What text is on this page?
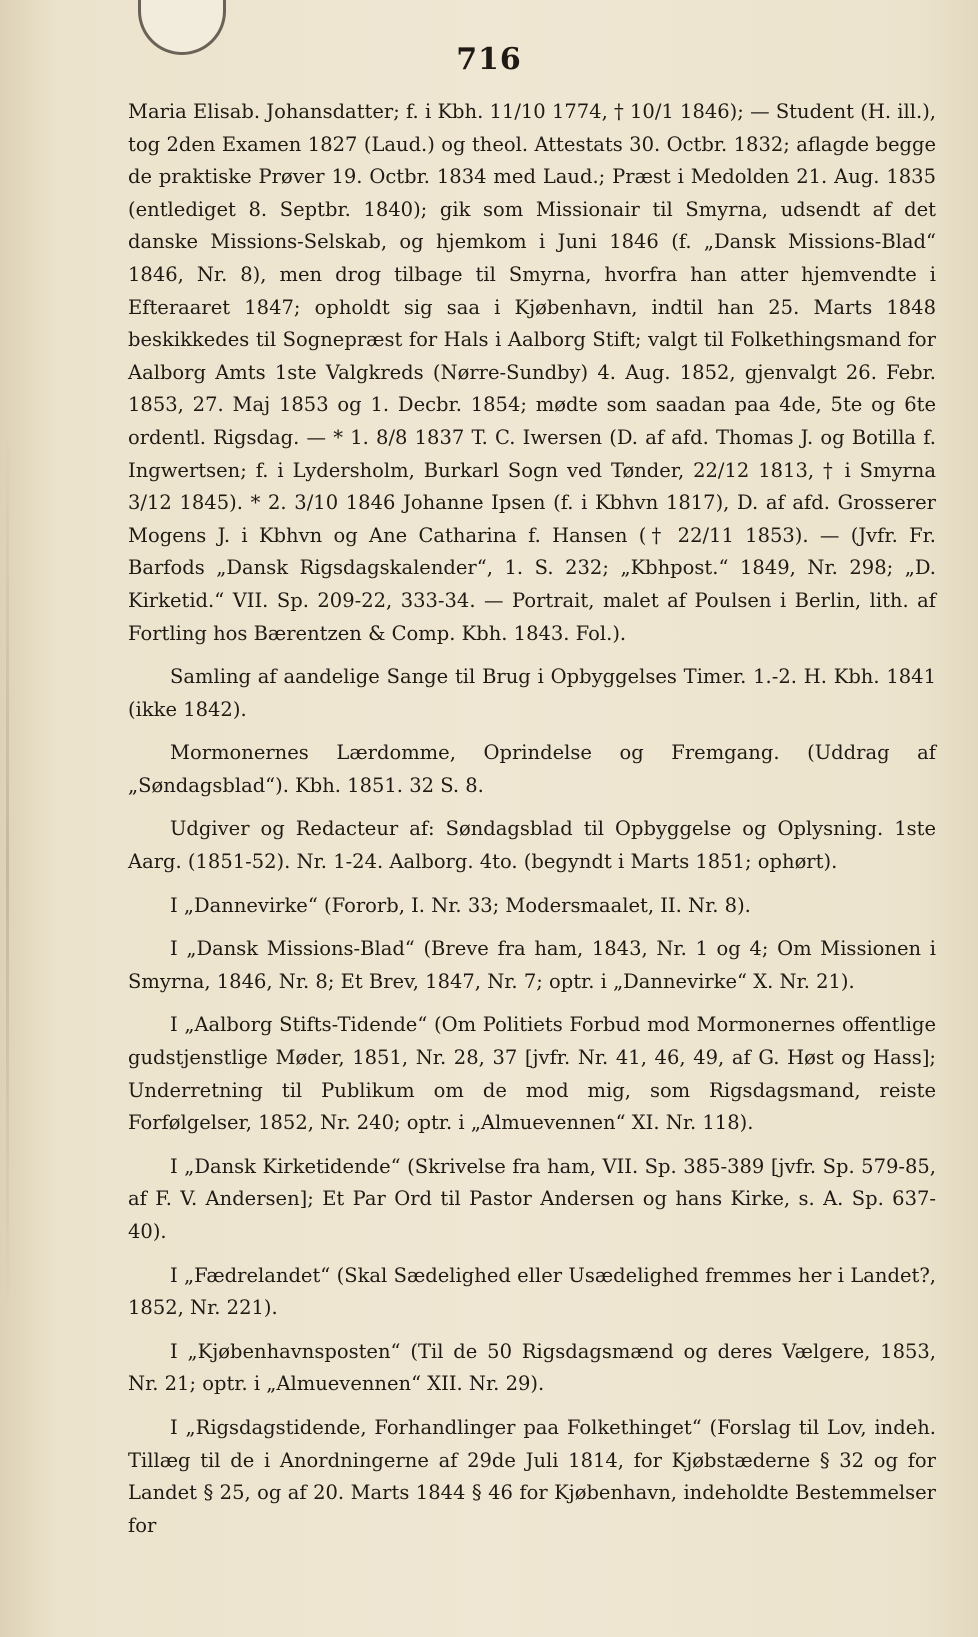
716

Maria Elisab. Johansdatter; f. i Kbh. 11/10 1774, † 10/1 1846); — Student (H. ill.), tog 2den Examen 1827 (Laud.) og theol. Attestats 30. Octbr. 1832; aflagde begge de praktiske Prøver 19. Octbr. 1834 med Laud.; Præst i Medolden 21. Aug. 1835 (entlediget 8. Septbr. 1840); gik som Missionair til Smyrna, udsendt af det danske Missions-Selskab, og hjemkom i Juni 1846 (f. „Dansk Missions-Blad“ 1846, Nr. 8), men drog tilbage til Smyrna, hvorfra han atter hjemvendte i Efteraaret 1847; opholdt sig saa i Kjøbenhavn, indtil han 25. Marts 1848 beskikkedes til Sognepræst for Hals i Aalborg Stift; valgt til Folkethingsmand for Aalborg Amts 1ste Valgkreds (Nørre-Sundby) 4. Aug. 1852, gjenvalgt 26. Febr. 1853, 27. Maj 1853 og 1. Decbr. 1854; mødte som saadan paa 4de, 5te og 6te ordentl. Rigsdag. — * 1. 8/8 1837 T. C. Iwersen (D. af afd. Thomas J. og Botilla f. Ingwertsen; f. i Lydersholm, Burkarl Sogn ved Tønder, 22/12 1813, † i Smyrna 3/12 1845). * 2. 3/10 1846 Johanne Ipsen (f. i Kbhvn 1817), D. af afd. Grosserer Mogens J. i Kbhvn og Ane Catharina f. Hansen († 22/11 1853). — (Jvfr. Fr. Barfods „Dansk Rigsdagskalender“, 1. S. 232; „Kbhpost.“ 1849, Nr. 298; „D. Kirketid.“ VII. Sp. 209-22, 333-34. — Portrait, malet af Poulsen i Berlin, lith. af Fortling hos Bærentzen & Comp. Kbh. 1843. Fol.).

Samling af aandelige Sange til Brug i Opbyggelses Timer. 1.-2. H. Kbh. 1841 (ikke 1842).

Mormonernes Lærdomme, Oprindelse og Fremgang. (Uddrag af „Søndagsblad“). Kbh. 1851. 32 S. 8.

Udgiver og Redacteur af: Søndagsblad til Opbyggelse og Oplysning. 1ste Aarg. (1851-52). Nr. 1-24. Aalborg. 4to. (begyndt i Marts 1851; ophørt).

I „Dannevirke“ (Fororb, I. Nr. 33; Modersmaalet, II. Nr. 8).

I „Dansk Missions-Blad“ (Breve fra ham, 1843, Nr. 1 og 4; Om Missionen i Smyrna, 1846, Nr. 8; Et Brev, 1847, Nr. 7; optr. i „Dannevirke“ X. Nr. 21).

I „Aalborg Stifts-Tidende“ (Om Politiets Forbud mod Mormonernes offentlige gudstjenstlige Møder, 1851, Nr. 28, 37 [jvfr. Nr. 41, 46, 49, af G. Høst og Hass]; Underretning til Publikum om de mod mig, som Rigsdagsmand, reiste Forfølgelser, 1852, Nr. 240; optr. i „Almuevennen“ XI. Nr. 118).

I „Dansk Kirketidende“ (Skrivelse fra ham, VII. Sp. 385-389 [jvfr. Sp. 579-85, af F. V. Andersen]; Et Par Ord til Pastor Andersen og hans Kirke, s. A. Sp. 637-40).

I „Fædrelandet“ (Skal Sædelighed eller Usædelighed fremmes her i Landet?, 1852, Nr. 221).

I „Kjøbenhavnsposten“ (Til de 50 Rigsdagsmænd og deres Vælgere, 1853, Nr. 21; optr. i „Almuevennen“ XII. Nr. 29).

I „Rigsdagstidende, Forhandlinger paa Folkethinget“ (Forslag til Lov, indeh. Tillæg til de i Anordningerne af 29de Juli 1814, for Kjøbstæderne § 32 og for Landet § 25, og af 20. Marts 1844 § 46 for Kjøbenhavn, indeholdte Bestemmelser for
